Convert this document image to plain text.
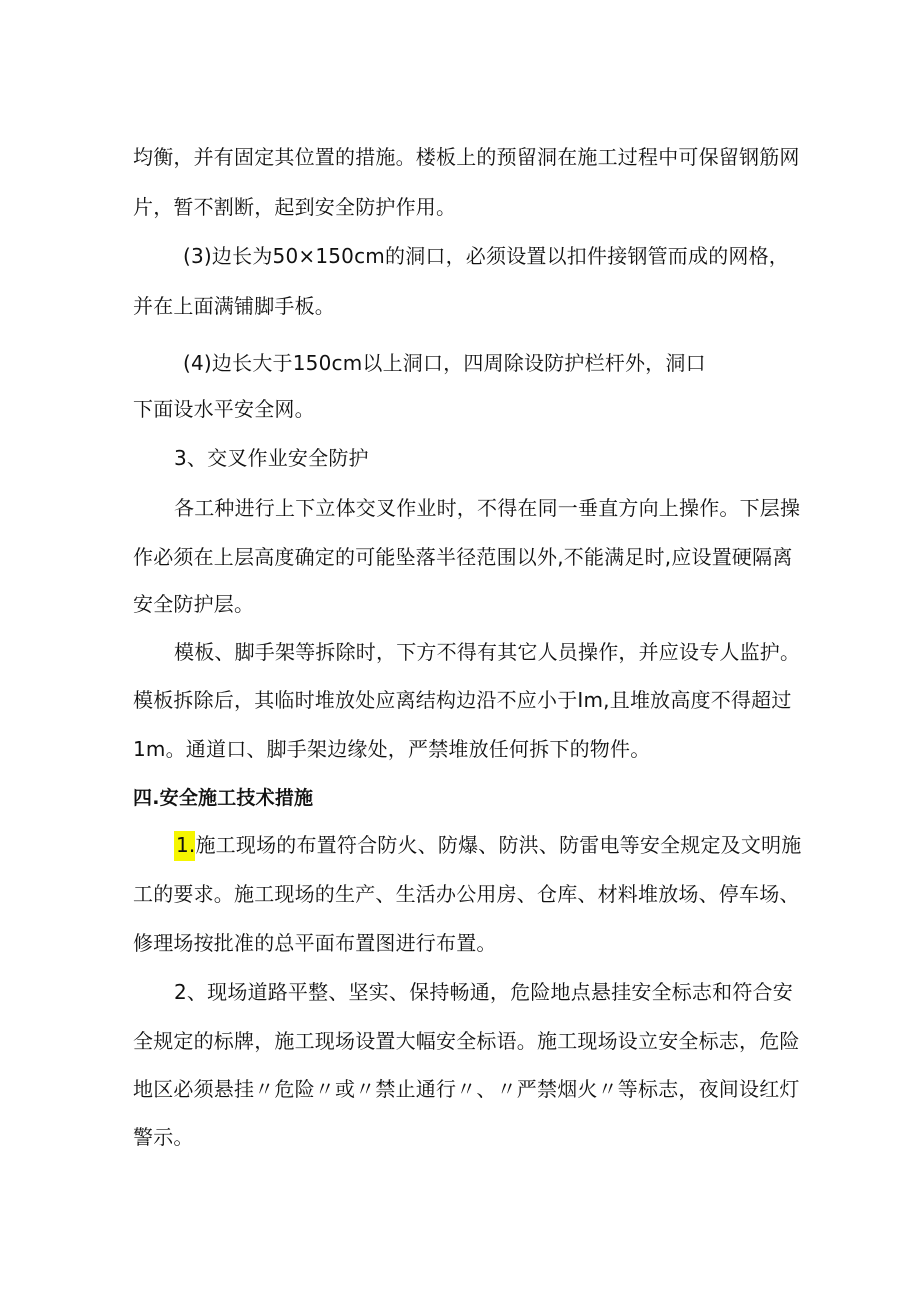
均衡，并有固定其位置的措施。楼板上的预留洞在施工过程中可保留钢筋网
片，暂不割断，起到安全防护作用。
(3)边长为50×150cm的洞口，必须设置以扣件接钢管而成的网格，
并在上面满铺脚手板。
(4)边长大于150cm以上洞口，四周除设防护栏杆外，洞口
下面设水平安全网。
3、交叉作业安全防护
各工种进行上下立体交叉作业时，不得在同一垂直方向上操作。下层操
作必须在上层高度确定的可能坠落半径范围以外,不能满足时,应设置硬隔离
安全防护层。
模板、脚手架等拆除时，下方不得有其它人员操作，并应设专人监护。
模板拆除后，其临时堆放处应离结构边沿不应小于Im,且堆放高度不得超过
1m。通道口、脚手架边缘处，严禁堆放任何拆下的物件。
四.安全施工技术措施
1.施工现场的布置符合防火、防爆、防洪、防雷电等安全规定及文明施
工的要求。施工现场的生产、生活办公用房、仓库、材料堆放场、停车场、
修理场按批准的总平面布置图进行布置。
2、现场道路平整、坚实、保持畅通，危险地点悬挂安全标志和符合安
全规定的标牌，施工现场设置大幅安全标语。施工现场设立安全标志，危险
地区必须悬挂〃危险〃或〃禁止通行〃、〃严禁烟火〃等标志，夜间设红灯
警示。
